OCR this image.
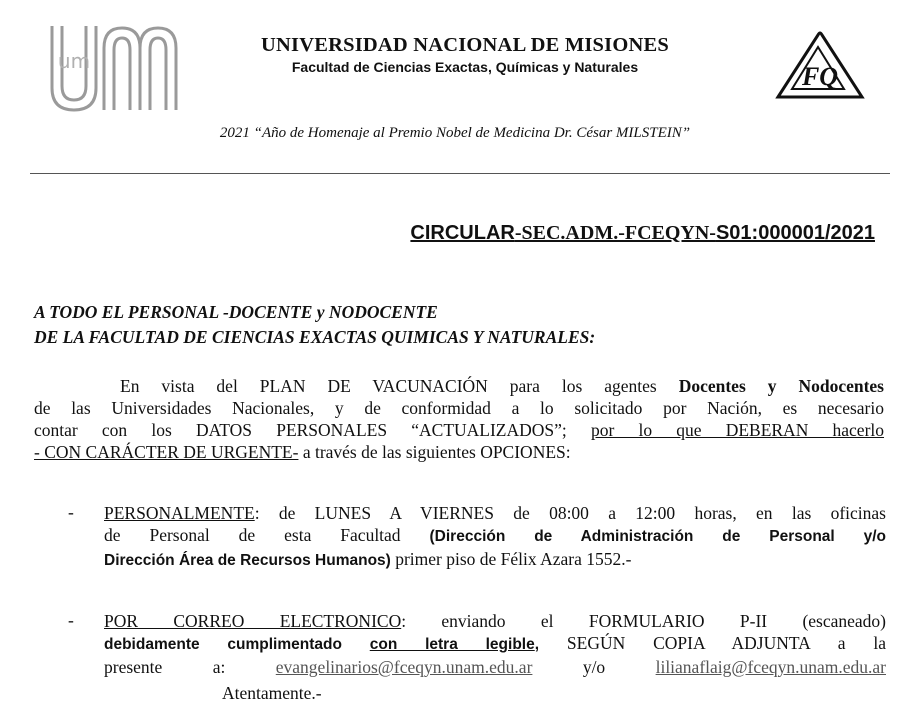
um
FQ
UNIVERSIDAD NACIONAL DE MISIONES
Facultad de Ciencias Exactas, Químicas y Naturales
2021 “Año de Homenaje al Premio Nobel de Medicina Dr. César MILSTEIN”
CIRCULAR-SEC.ADM.-FCEQYN-S01:000001/2021
A TODO EL PERSONAL -DOCENTE y NODOCENTE
DE LA FACULTAD DE CIENCIAS EXACTAS QUIMICAS Y NATURALES:

En vista del PLAN DE VACUNACIÓN para los agentes Docentes y Nodocentes

de las Universidades Nacionales, y de conformidad a lo solicitado por Nación, es necesario

contar con los DATOS PERSONALES “ACTUALIZADOS”; por lo que DEBERAN hacerlo

- CON CARÁCTER DE URGENTE- a través de las siguientes OPCIONES:

- PERSONALMENTE: de LUNES A VIERNES de 08:00 a 12:00 horas, en las oficinas

de Personal de esta Facultad (Dirección de Administración de Personal y/o

Dirección Área de Recursos Humanos) primer piso de Félix Azara 1552.-

- POR CORREO ELECTRONICO: enviando el FORMULARIO P-II (escaneado)

debidamente cumplimentado con letra legible, SEGÚN COPIA ADJUNTA a la

presente a: evangelinarios@fceqyn.unam.edu.ar y/o lilianaflaig@fceqyn.unam.edu.ar

Atentamente.-
